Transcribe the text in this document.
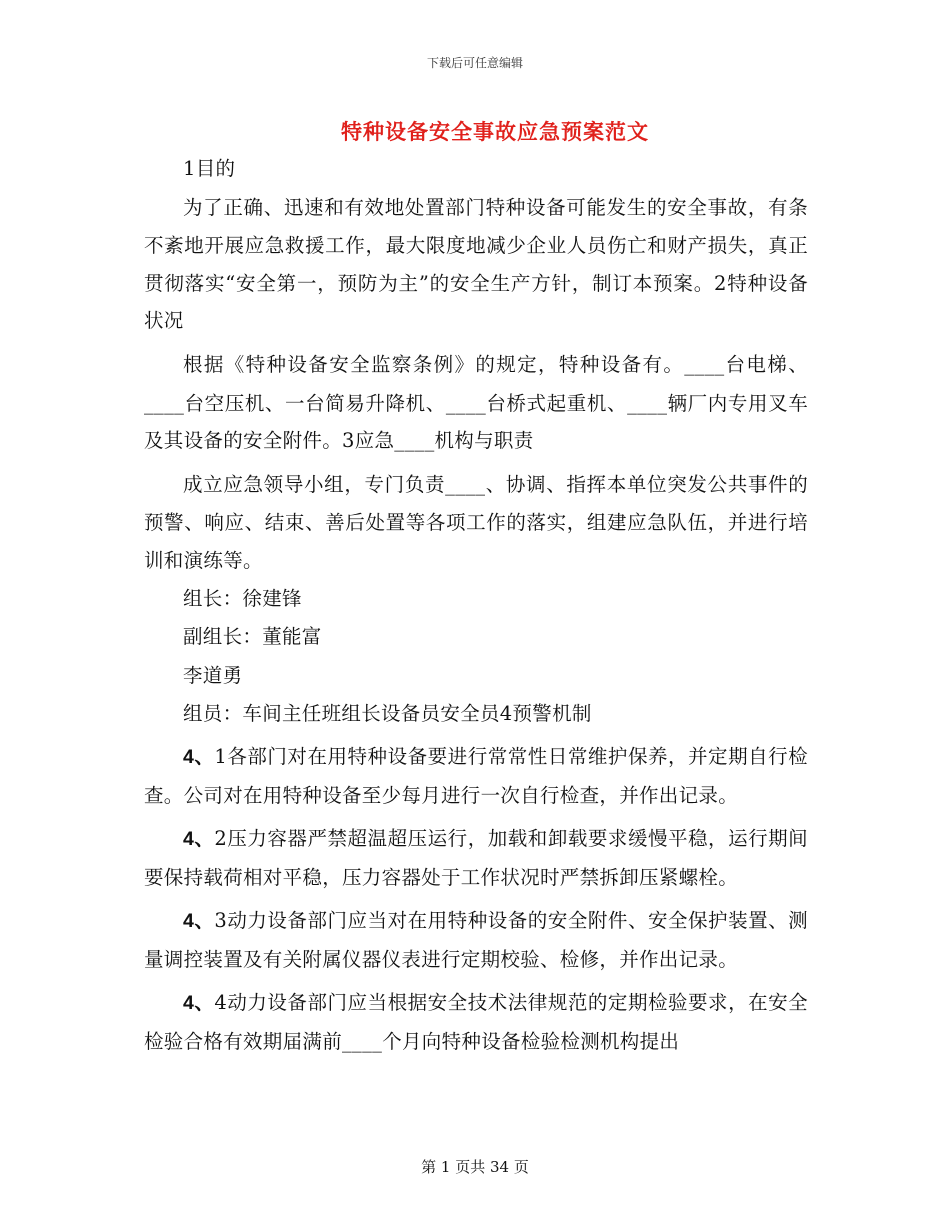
下载后可任意编辑
特种设备安全事故应急预案范文

1目的

为了正确、迅速和有效地处置部门特种设备可能发生的安全事故，有条不紊地开展应急救援工作，最大限度地减少企业人员伤亡和财产损失，真正贯彻落实“安全第一，预防为主”的安全生产方针，制订本预案。2特种设备状况

根据《特种设备安全监察条例》的规定，特种设备有。____台电梯、____台空压机、一台简易升降机、____台桥式起重机、____辆厂内专用叉车及其设备的安全附件。3应急____机构与职责

成立应急领导小组，专门负责____、协调、指挥本单位突发公共事件的预警、响应、结束、善后处置等各项工作的落实，组建应急队伍，并进行培训和演练等。

组长：徐建锋

副组长：董能富

李道勇

组员：车间主任班组长设备员安全员4预警机制

4、1各部门对在用特种设备要进行常常性日常维护保养，并定期自行检查。公司对在用特种设备至少每月进行一次自行检查，并作出记录。

4、2压力容器严禁超温超压运行，加载和卸载要求缓慢平稳，运行期间要保持载荷相对平稳，压力容器处于工作状况时严禁拆卸压紧螺栓。

4、3动力设备部门应当对在用特种设备的安全附件、安全保护装置、测量调控装置及有关附属仪器仪表进行定期校验、检修，并作出记录。

4、4动力设备部门应当根据安全技术法律规范的定期检验要求，在安全检验合格有效期届满前____个月向特种设备检验检测机构提出

第 1 页共 34 页
